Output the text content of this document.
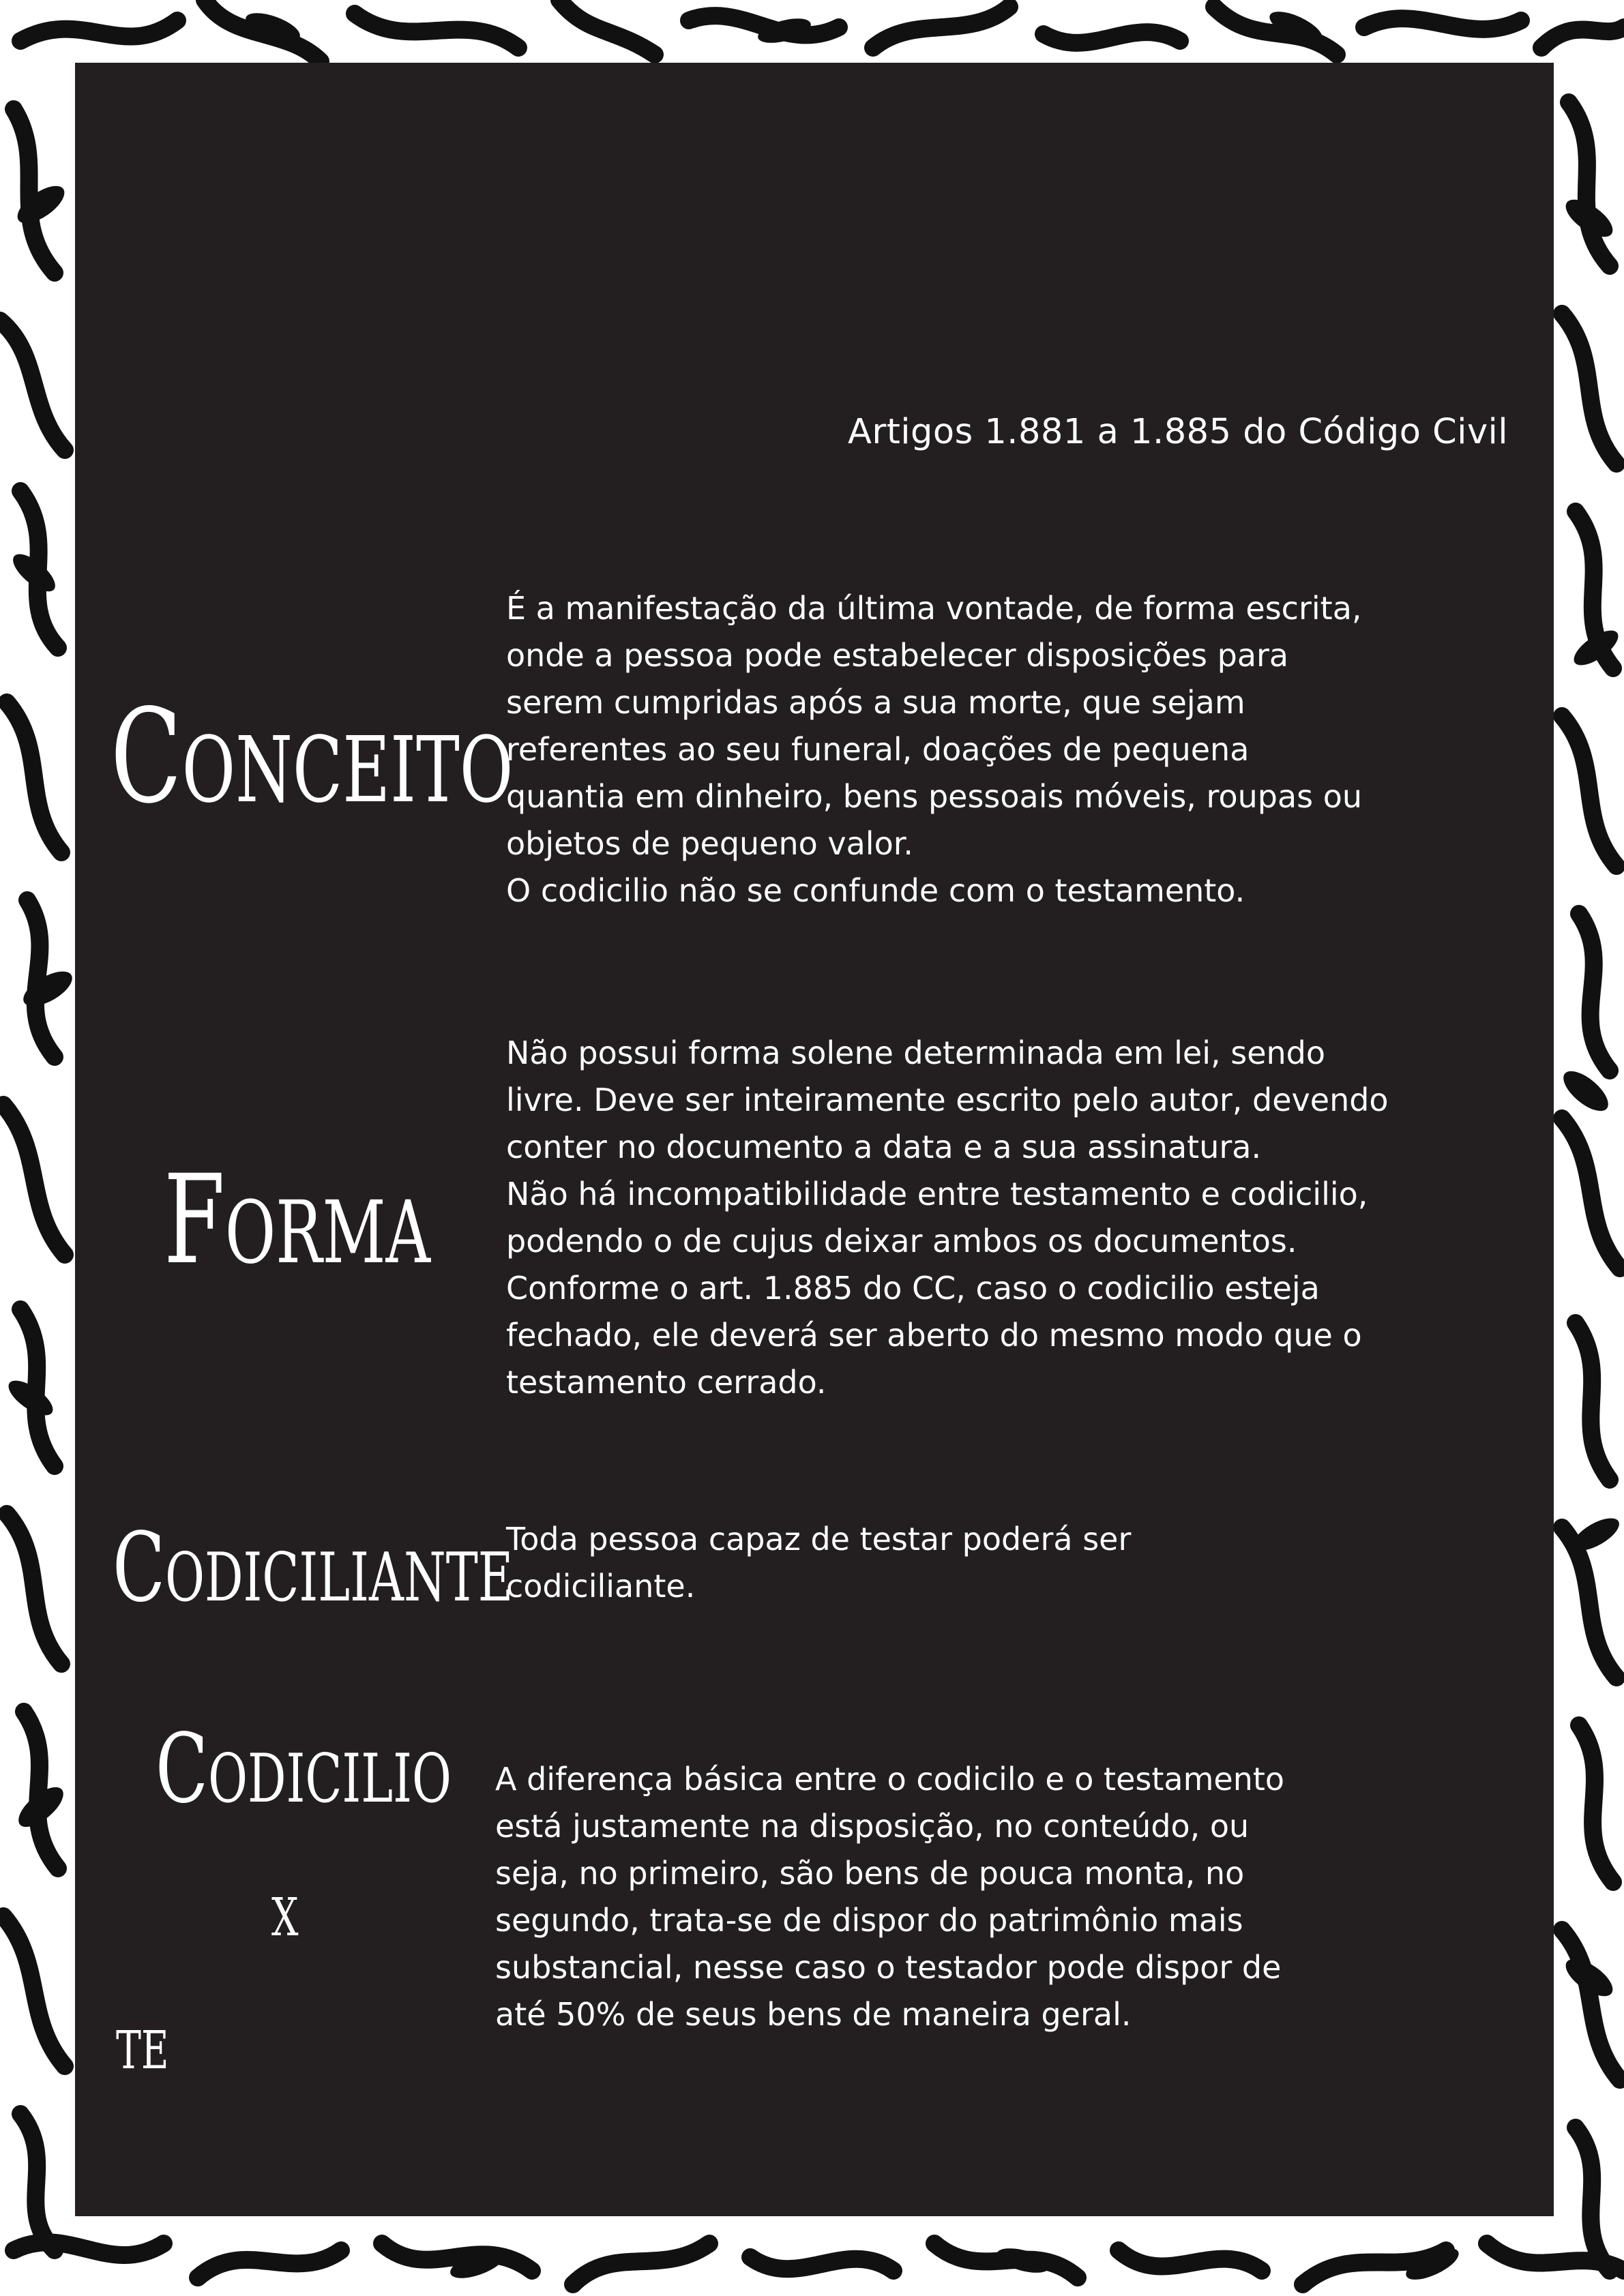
Artigos 1.881 a 1.885 do Código Civil
Conceito
É a manifestação da última vontade, de forma escrita,
onde a pessoa pode estabelecer disposições para
serem cumpridas após a sua morte, que sejam
referentes ao seu funeral, doações de pequena
quantia em dinheiro, bens pessoais móveis, roupas ou
objetos de pequeno valor.
O codicilio não se confunde com o testamento.
Forma
Não possui forma solene determinada em lei, sendo
livre. Deve ser inteiramente escrito pelo autor, devendo
conter no documento a data e a sua assinatura.
Não há incompatibilidade entre testamento e codicilio,
podendo o de cujus deixar ambos os documentos.
Conforme o art. 1.885 do CC, caso o codicilio esteja
fechado, ele deverá ser aberto do mesmo modo que o
testamento cerrado.
Codiciliante
Toda pessoa capaz de testar poderá ser
codiciliante.
Codicilio
x
te
A diferença básica entre o codicilo e o testamento
está justamente na disposição, no conteúdo, ou
seja, no primeiro, são bens de pouca monta, no
segundo, trata-se de dispor do patrimônio mais
substancial, nesse caso o testador pode dispor de
até 50% de seus bens de maneira geral.
